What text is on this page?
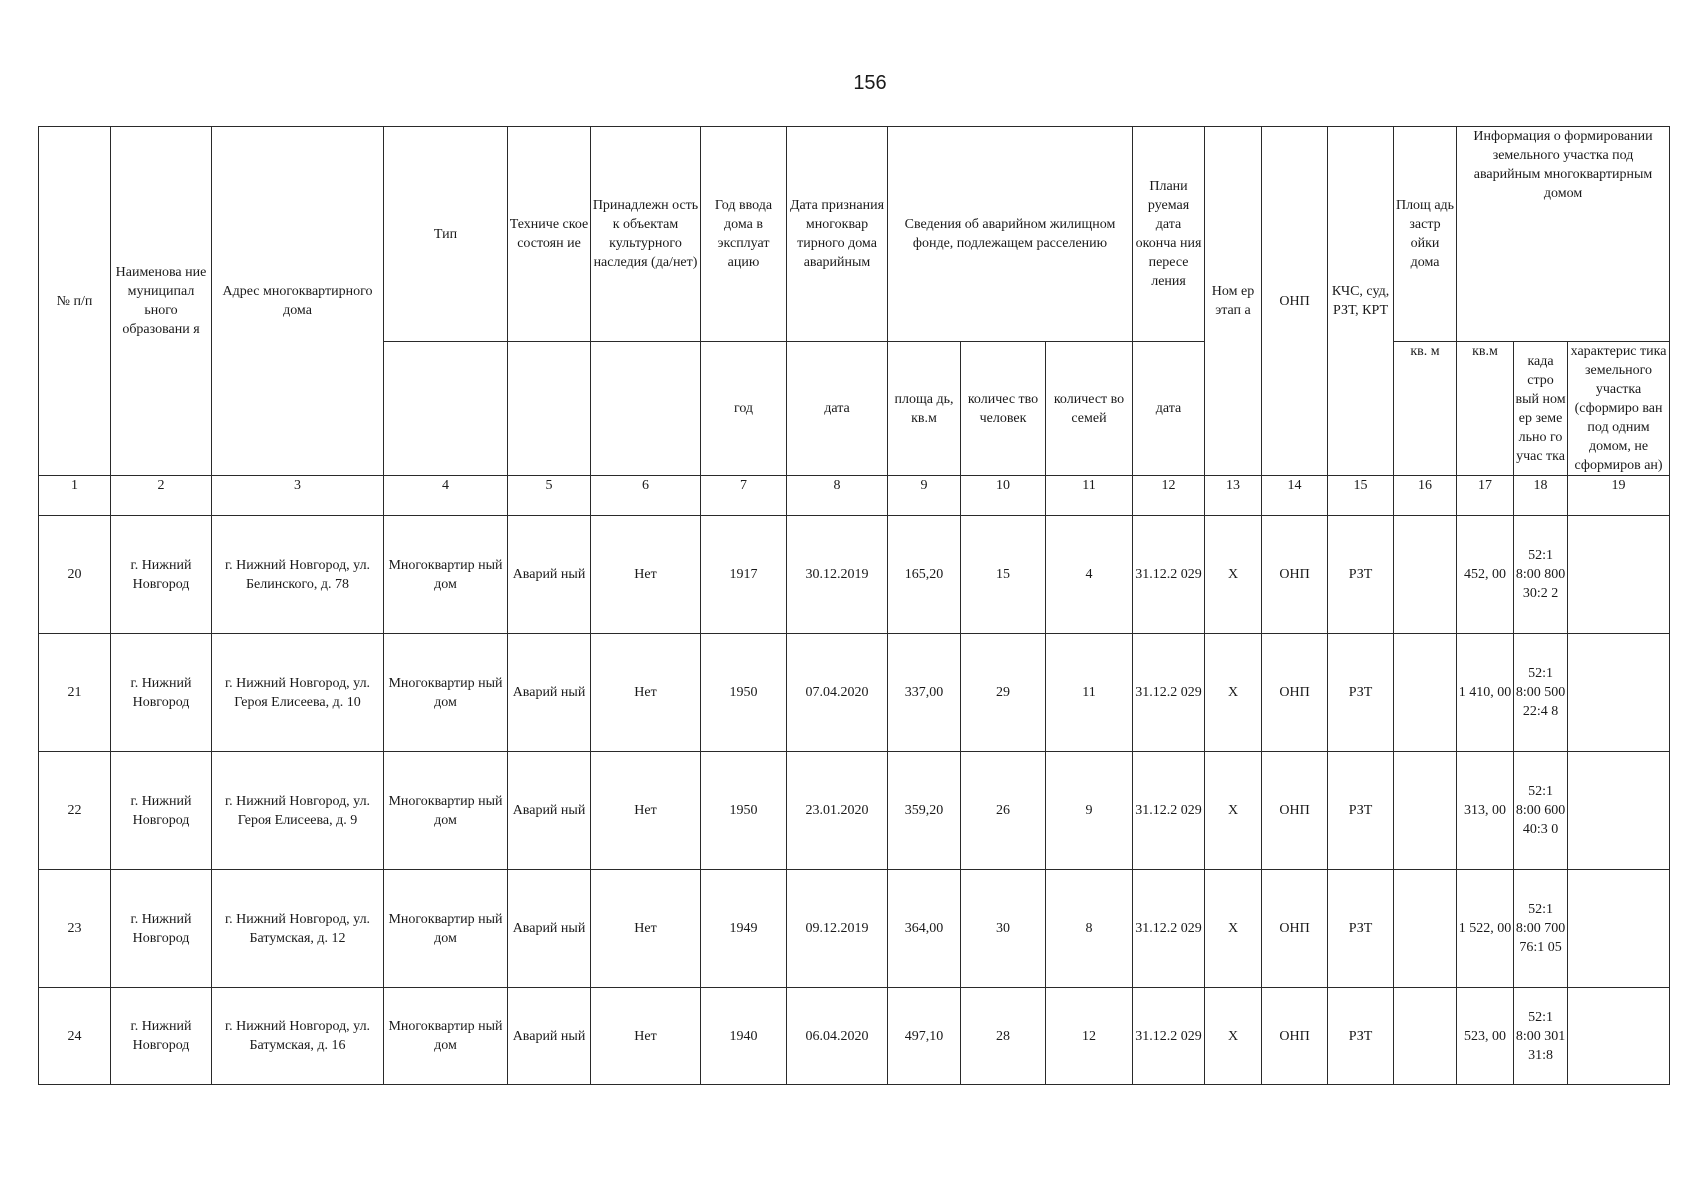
156
№ п/п	Наименова ние муниципал ьного образовани я	Адрес многоквартирного дома	Тип	Техниче ское состоян ие	Принадлежн ость к объектам культурного наследия (да/нет)	Год ввода дома в эксплуат ацию	Дата признания многоквар тирного дома аварийным	Сведения об аварийном жилищном фонде, подлежащем расселению			Плани руемая дата оконча ния пересе ления	Ном ер этап а	ОНП	КЧС, суд, РЗТ, КРТ	Площ адь застр ойки дома	Информация о формировании земельного участка под аварийным многоквартирным домом		
						год	дата	площа дь, кв.м	количес тво человек	количест во семей	дата				кв. м	кв.м	када стро вый ном ер земе льно го учас тка	характерис тика земельного участка (сформиро ван под одним домом, не сформиров ан)
1	2	3	4	5	6	7	8	9	10	11	12	13	14	15	16	17	18	19
20	г. Нижний Новгород	г. Нижний Новгород, ул. Белинского, д. 78	Многоквартир ный дом	Аварий ный	Нет	1917	30.12.2019	165,20	15	4	31.12.2 029	X	ОНП	РЗТ		452, 00	52:1 8:00 800 30:2 2	
21	г. Нижний Новгород	г. Нижний Новгород, ул. Героя Елисеева, д. 10	Многоквартир ный дом	Аварий ный	Нет	1950	07.04.2020	337,00	29	11	31.12.2 029	X	ОНП	РЗТ		1 410, 00	52:1 8:00 500 22:4 8	
22	г. Нижний Новгород	г. Нижний Новгород, ул. Героя Елисеева, д. 9	Многоквартир ный дом	Аварий ный	Нет	1950	23.01.2020	359,20	26	9	31.12.2 029	X	ОНП	РЗТ		313, 00	52:1 8:00 600 40:3 0	
23	г. Нижний Новгород	г. Нижний Новгород, ул. Батумская, д. 12	Многоквартир ный дом	Аварий ный	Нет	1949	09.12.2019	364,00	30	8	31.12.2 029	X	ОНП	РЗТ		1 522, 00	52:1 8:00 700 76:1 05	
24	г. Нижний Новгород	г. Нижний Новгород, ул. Батумская, д. 16	Многоквартир ный дом	Аварий ный	Нет	1940	06.04.2020	497,10	28	12	31.12.2 029	X	ОНП	РЗТ		523, 00	52:1 8:00 301 31:8	
